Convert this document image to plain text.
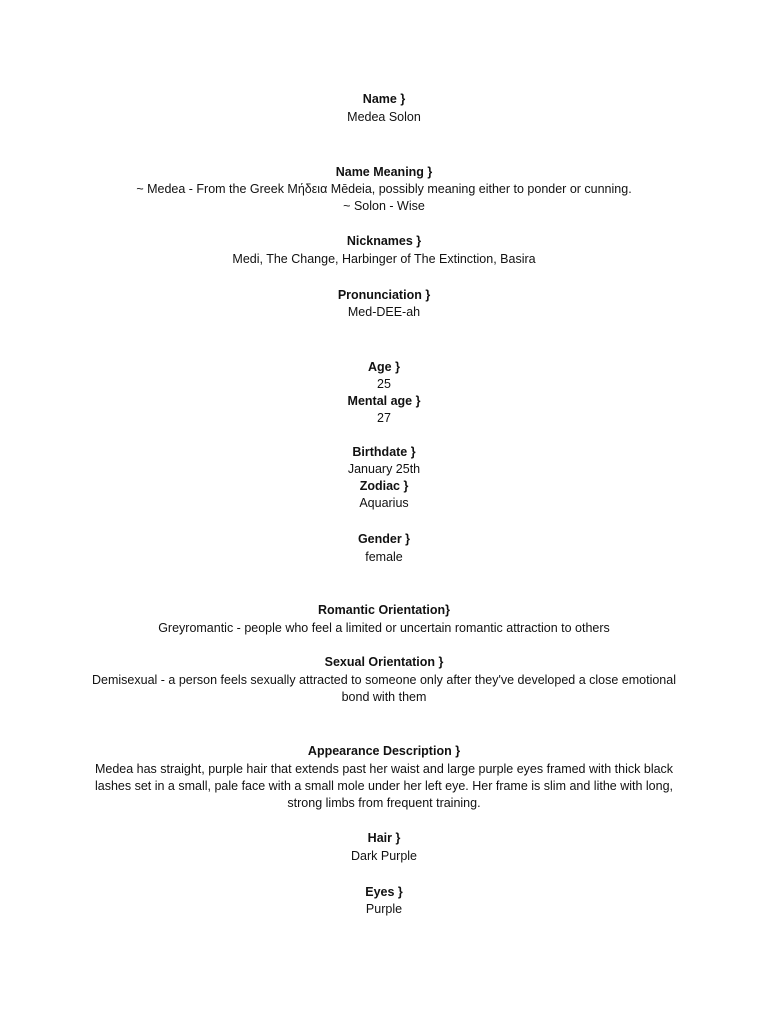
Name }
Medea Solon
Name Meaning }
~ Medea - From the Greek Μήδεια Mēdeia, possibly meaning either to ponder or cunning.
~ Solon - Wise
Nicknames }
Medi, The Change, Harbinger of The Extinction, Basira
Pronunciation }
Med-DEE-ah
Age }
25
Mental age }
27
Birthdate }
January 25th
Zodiac }
Aquarius
Gender }
female
Romantic Orientation}
Greyromantic - people who feel a limited or uncertain romantic attraction to others
Sexual Orientation }
Demisexual - a person feels sexually attracted to someone only after they've developed a close emotional
bond with them
Appearance Description }
Medea has straight, purple hair that extends past her waist and large purple eyes framed with thick black
lashes set in a small, pale face with a small mole under her left eye. Her frame is slim and lithe with long,
strong limbs from frequent training.
Hair }
Dark Purple
Eyes }
Purple
